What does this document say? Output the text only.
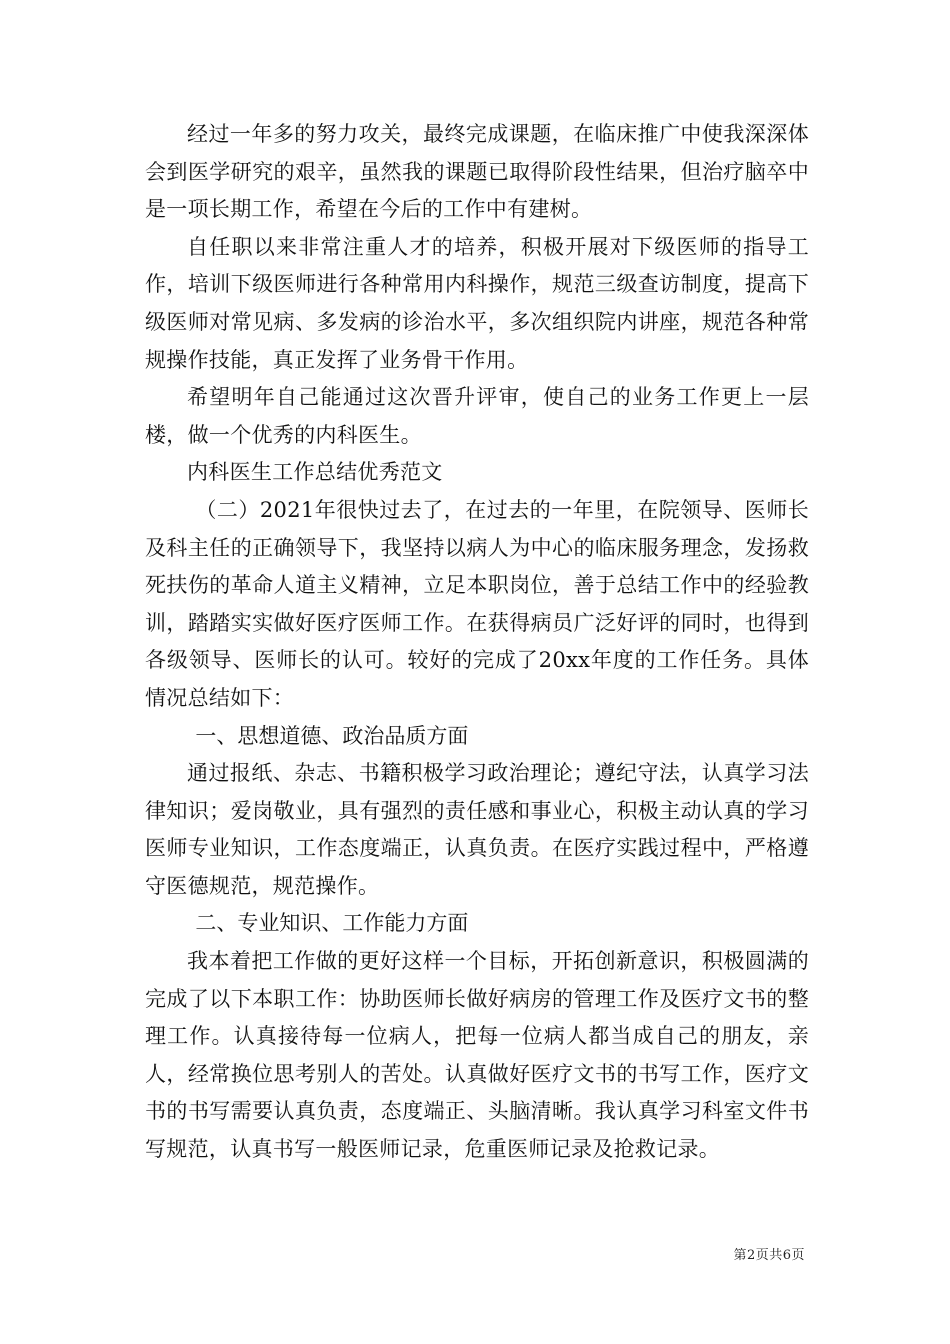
经过一年多的努力攻关，最终完成课题，在临床推广中使我深深体会到医学研究的艰辛，虽然我的课题已取得阶段性结果，但治疗脑卒中是一项长期工作，希望在今后的工作中有建树。

自任职以来非常注重人才的培养，积极开展对下级医师的指导工作，培训下级医师进行各种常用内科操作，规范三级查访制度，提高下级医师对常见病、多发病的诊治水平，多次组织院内讲座，规范各种常规操作技能，真正发挥了业务骨干作用。

希望明年自己能通过这次晋升评审，使自己的业务工作更上一层楼，做一个优秀的内科医生。

内科医生工作总结优秀范文

（二）2021年很快过去了，在过去的一年里，在院领导、医师长及科主任的正确领导下，我坚持以病人为中心的临床服务理念，发扬救死扶伤的革命人道主义精神，立足本职岗位，善于总结工作中的经验教训，踏踏实实做好医疗医师工作。在获得病员广泛好评的同时，也得到各级领导、医师长的认可。较好的完成了20xx年度的工作任务。具体情况总结如下：

一、思想道德、政治品质方面

通过报纸、杂志、书籍积极学习政治理论；遵纪守法，认真学习法律知识；爱岗敬业，具有强烈的责任感和事业心，积极主动认真的学习医师专业知识，工作态度端正，认真负责。在医疗实践过程中，严格遵守医德规范，规范操作。

二、专业知识、工作能力方面

我本着把工作做的更好这样一个目标，开拓创新意识，积极圆满的完成了以下本职工作：协助医师长做好病房的管理工作及医疗文书的整理工作。认真接待每一位病人，把每一位病人都当成自己的朋友，亲人，经常换位思考别人的苦处。认真做好医疗文书的书写工作，医疗文书的书写需要认真负责，态度端正、头脑清晰。我认真学习科室文件书写规范，认真书写一般医师记录，危重医师记录及抢救记录。

第2页共6页
